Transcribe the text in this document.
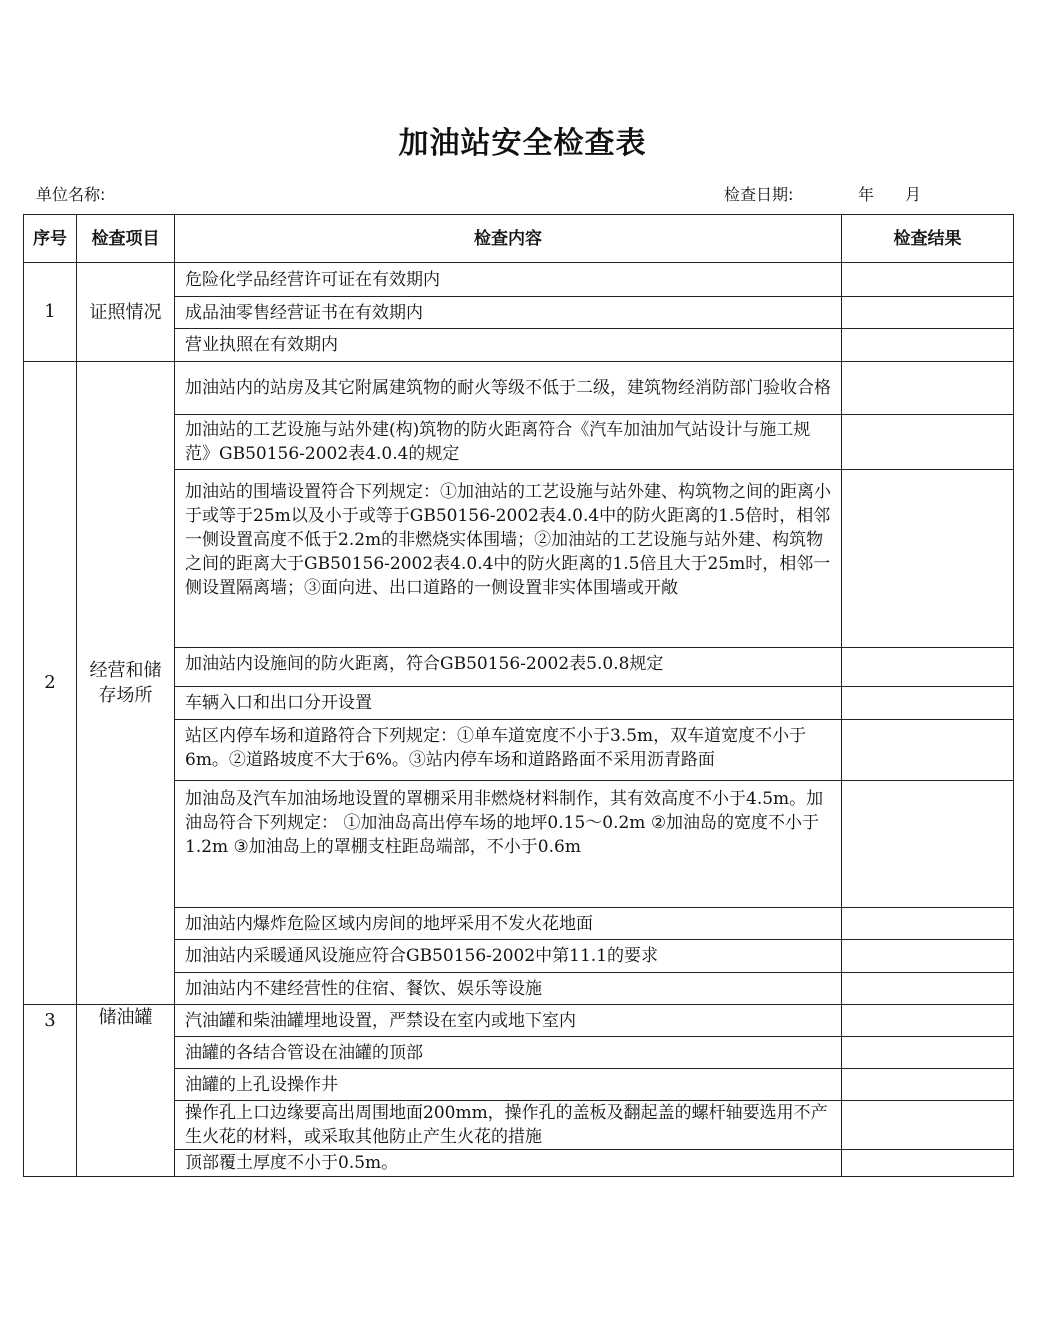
加油站安全检查表
单位名称:	检查日期:	年 月
序号	检查项目	检查内容	检查结果
1	证照情况	危险化学品经营许可证在有效期内	
		成品油零售经营证书在有效期内	
		营业执照在有效期内	
2	经营和储存场所	加油站内的站房及其它附属建筑物的耐火等级不低于二级，建筑物经消防部门验收合格	
		加油站的工艺设施与站外建(构)筑物的防火距离符合《汽车加油加气站设计与施工规范》GB50156-2002表4.0.4的规定	
		加油站的围墙设置符合下列规定：①加油站的工艺设施与站外建、构筑物之间的距离小于或等于25m以及小于或等于GB50156-2002表4.0.4中的防火距离的1.5倍时，相邻一侧设置高度不低于2.2m的非燃烧实体围墙；②加油站的工艺设施与站外建、构筑物之间的距离大于GB50156-2002表4.0.4中的防火距离的1.5倍且大于25m时，相邻一侧设置隔离墙；③面向进、出口道路的一侧设置非实体围墙或开敞	
		加油站内设施间的防火距离，符合GB50156-2002表5.0.8规定	
		车辆入口和出口分开设置	

		站区内停车场和道路符合下列规定：①单车道宽度不小于3.5m，双车道宽度不小于6m。②道路坡度不大于6%。③站内停车场和道路路面不采用沥青路面	

		加油岛及汽车加油场地设置的罩棚采用非燃烧材料制作，其有效高度不小于4.5m。加油岛符合下列规定： ①加油岛高出停车场的地坪0.15～0.2m ②加油岛的宽度不小于1.2m ③加油岛上的罩棚支柱距岛端部，不小于0.6m	
		加油站内爆炸危险区域内房间的地坪采用不发火花地面	
		加油站内采暖通风设施应符合GB50156-2002中第11.1的要求	
		加油站内不建经营性的住宿、餐饮、娱乐等设施	
3	储油罐	汽油罐和柴油罐埋地设置，严禁设在室内或地下室内	
		油罐的各结合管设在油罐的顶部	
		油罐的上孔设操作井	
		操作孔上口边缘要高出周围地面200mm，操作孔的盖板及翻起盖的螺杆轴要选用不产生火花的材料，或采取其他防止产生火花的措施	
		顶部覆土厚度不小于0.5m。	
